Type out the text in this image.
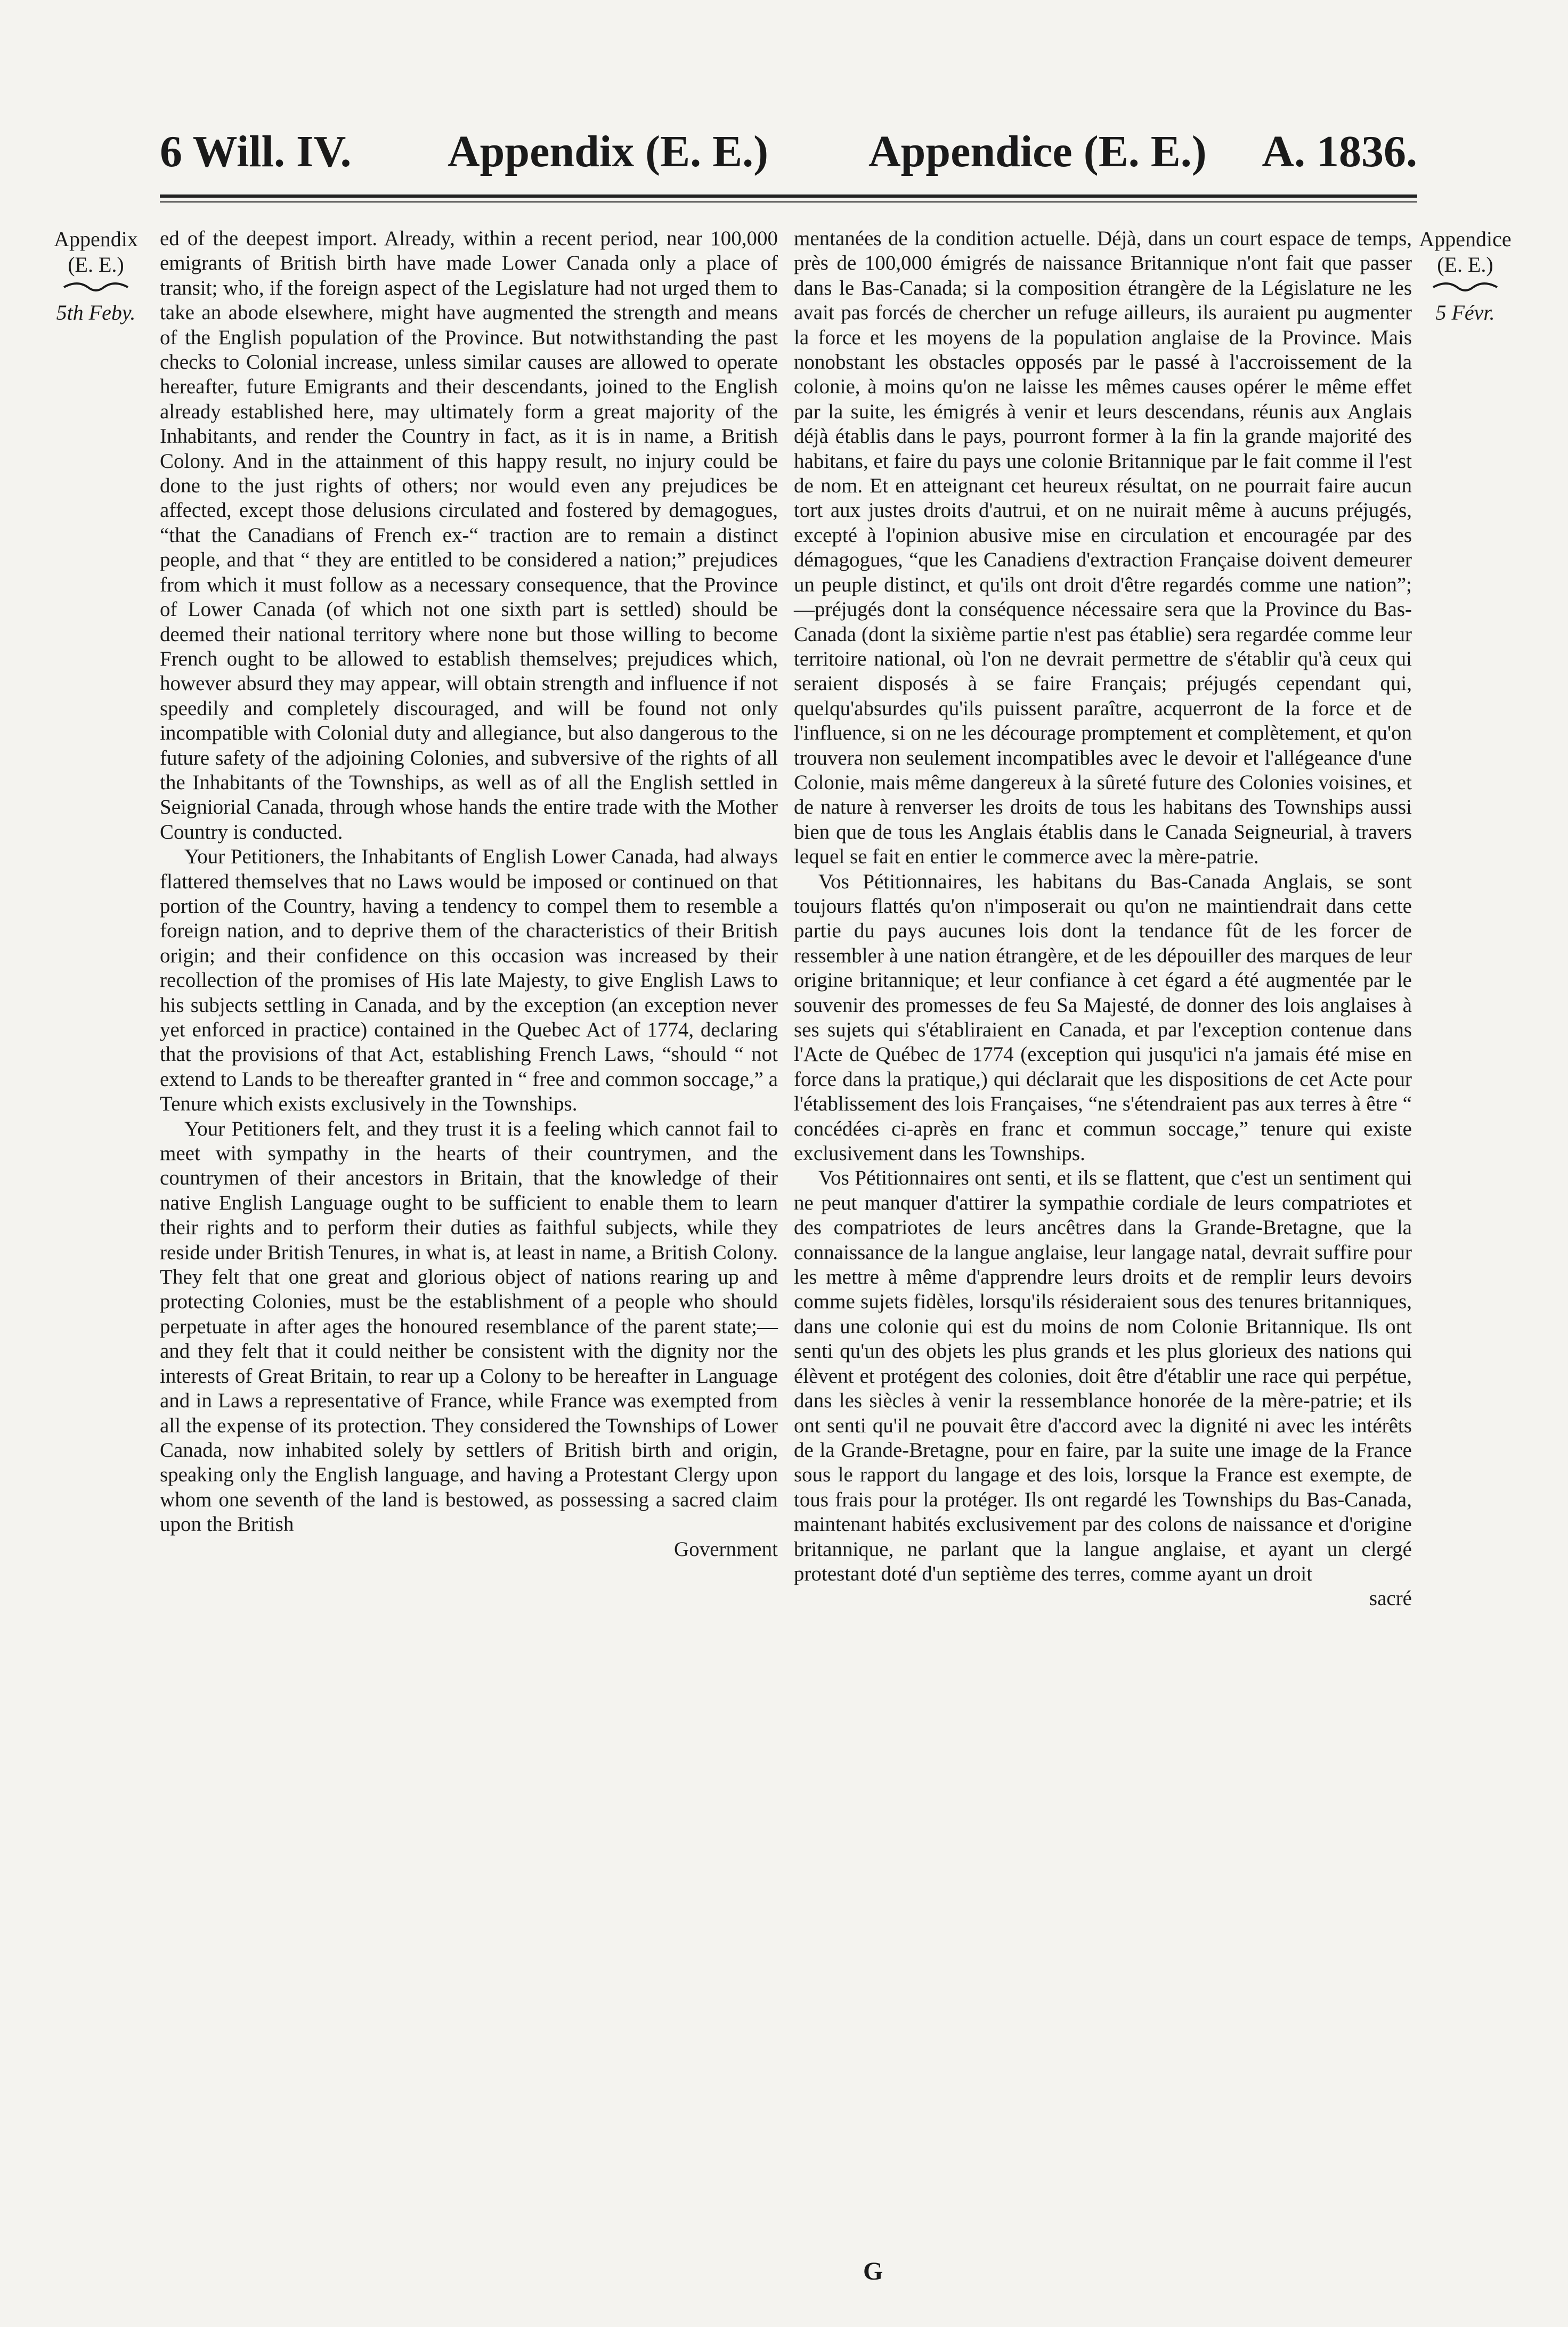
6 Will. IV. Appendix (E. E.) Appendice (E. E.) A. 1836.
Appendix
(E. E.)
5th Feby.
Appendice
(E. E.)
5 Févr.

ed of the deepest import. Already, within a recent period, near 100,000 emigrants of British birth have made Lower Canada only a place of transit; who, if the foreign aspect of the Legislature had not urged them to take an abode elsewhere, might have augmented the strength and means of the English population of the Province. But notwithstanding the past checks to Colonial increase, unless similar causes are allowed to operate hereafter, future Emigrants and their descendants, joined to the English already established here, may ultimately form a great majority of the Inhabitants, and render the Country in fact, as it is in name, a British Colony. And in the attainment of this happy result, no injury could be done to the just rights of others; nor would even any prejudices be affected, except those delusions circulated and fostered by demagogues, “that the Canadians of French ex-“ traction are to remain a distinct people, and that “ they are entitled to be considered a nation;” prejudices from which it must follow as a necessary consequence, that the Province of Lower Canada (of which not one sixth part is settled) should be deemed their national territory where none but those willing to become French ought to be allowed to establish themselves; prejudices which, however absurd they may appear, will obtain strength and influence if not speedily and completely discouraged, and will be found not only incompatible with Colonial duty and allegiance, but also dangerous to the future safety of the adjoining Colonies, and subversive of the rights of all the Inhabitants of the Townships, as well as of all the English settled in Seigniorial Canada, through whose hands the entire trade with the Mother Country is conducted.

Your Petitioners, the Inhabitants of English Lower Canada, had always flattered themselves that no Laws would be imposed or continued on that portion of the Country, having a tendency to compel them to resemble a foreign nation, and to deprive them of the characteristics of their British origin; and their confidence on this occasion was increased by their recollection of the promises of His late Majesty, to give English Laws to his subjects settling in Canada, and by the exception (an exception never yet enforced in practice) contained in the Quebec Act of 1774, declaring that the provisions of that Act, establishing French Laws, “should “ not extend to Lands to be thereafter granted in “ free and common soccage,” a Tenure which exists exclusively in the Townships.

Your Petitioners felt, and they trust it is a feeling which cannot fail to meet with sympathy in the hearts of their countrymen, and the countrymen of their ancestors in Britain, that the knowledge of their native English Language ought to be sufficient to enable them to learn their rights and to perform their duties as faithful subjects, while they reside under British Tenures, in what is, at least in name, a British Colony. They felt that one great and glorious object of nations rearing up and protecting Colonies, must be the establishment of a people who should perpetuate in after ages the honoured resemblance of the parent state;— and they felt that it could neither be consistent with the dignity nor the interests of Great Britain, to rear up a Colony to be hereafter in Language and in Laws a representative of France, while France was exempted from all the expense of its protection. They considered the Townships of Lower Canada, now inhabited solely by settlers of British birth and origin, speaking only the English language, and having a Protestant Clergy upon whom one seventh of the land is bestowed, as possessing a sacred claim upon the British

Government

mentanées de la condition actuelle. Déjà, dans un court espace de temps, près de 100,000 émigrés de naissance Britannique n'ont fait que passer dans le Bas-Canada; si la composition étrangère de la Législature ne les avait pas forcés de chercher un refuge ailleurs, ils auraient pu augmenter la force et les moyens de la population anglaise de la Province. Mais nonobstant les obstacles opposés par le passé à l'accroissement de la colonie, à moins qu'on ne laisse les mêmes causes opérer le même effet par la suite, les émigrés à venir et leurs descendans, réunis aux Anglais déjà établis dans le pays, pourront former à la fin la grande majorité des habitans, et faire du pays une colonie Britannique par le fait comme il l'est de nom. Et en atteignant cet heureux résultat, on ne pourrait faire aucun tort aux justes droits d'autrui, et on ne nuirait même à aucuns préjugés, excepté à l'opinion abusive mise en circulation et encouragée par des démagogues, “que les Canadiens d'extraction Française doivent demeurer un peuple distinct, et qu'ils ont droit d'être regardés comme une nation”;—préjugés dont la conséquence nécessaire sera que la Province du Bas-Canada (dont la sixième partie n'est pas établie) sera regardée comme leur territoire national, où l'on ne devrait permettre de s'établir qu'à ceux qui seraient disposés à se faire Français; préjugés cependant qui, quelqu'absurdes qu'ils puissent paraître, acquerront de la force et de l'influence, si on ne les décourage promptement et complètement, et qu'on trouvera non seulement incompatibles avec le devoir et l'allégeance d'une Colonie, mais même dangereux à la sûreté future des Colonies voisines, et de nature à renverser les droits de tous les habitans des Townships aussi bien que de tous les Anglais établis dans le Canada Seigneurial, à travers lequel se fait en entier le commerce avec la mère-patrie.

Vos Pétitionnaires, les habitans du Bas-Canada Anglais, se sont toujours flattés qu'on n'imposerait ou qu'on ne maintiendrait dans cette partie du pays aucunes lois dont la tendance fût de les forcer de ressembler à une nation étrangère, et de les dépouiller des marques de leur origine britannique; et leur confiance à cet égard a été augmentée par le souvenir des promesses de feu Sa Majesté, de donner des lois anglaises à ses sujets qui s'établiraient en Canada, et par l'exception contenue dans l'Acte de Québec de 1774 (exception qui jusqu'ici n'a jamais été mise en force dans la pratique,) qui déclarait que les dispositions de cet Acte pour l'établissement des lois Françaises, “ne s'étendraient pas aux terres à être “ concédées ci-après en franc et commun soccage,” tenure qui existe exclusivement dans les Townships.

Vos Pétitionnaires ont senti, et ils se flattent, que c'est un sentiment qui ne peut manquer d'attirer la sympathie cordiale de leurs compatriotes et des compatriotes de leurs ancêtres dans la Grande-Bretagne, que la connaissance de la langue anglaise, leur langage natal, devrait suffire pour les mettre à même d'apprendre leurs droits et de remplir leurs devoirs comme sujets fidèles, lorsqu'ils résideraient sous des tenures britanniques, dans une colonie qui est du moins de nom Colonie Britannique. Ils ont senti qu'un des objets les plus grands et les plus glorieux des nations qui élèvent et protégent des colonies, doit être d'établir une race qui perpétue, dans les siècles à venir la ressemblance honorée de la mère-patrie; et ils ont senti qu'il ne pouvait être d'accord avec la dignité ni avec les intérêts de la Grande-Bretagne, pour en faire, par la suite une image de la France sous le rapport du langage et des lois, lorsque la France est exempte, de tous frais pour la protéger. Ils ont regardé les Townships du Bas-Canada, maintenant habités exclusivement par des colons de naissance et d'origine britannique, ne parlant que la langue anglaise, et ayant un clergé protestant doté d'un septième des terres, comme ayant un droit

sacré

G
